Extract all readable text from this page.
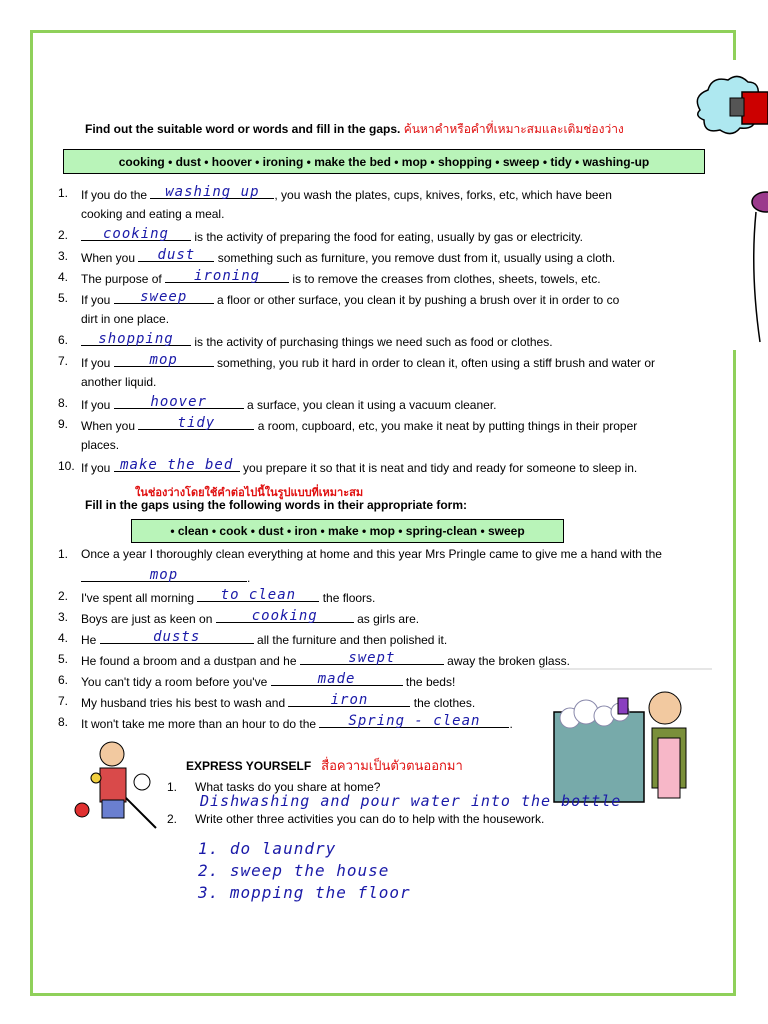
Find out the suitable word or words and fill in the gaps. ค้นหาคำหรือคำที่เหมาะสมและเติมช่องว่าง
cooking • dust • hoover • ironing • make the bed • mop • shopping • sweep • tidy • washing-up
1. If you do the	washing up	, you wash the plates, cups, knives, forks, etc, which have been
cooking and eating a meal.
2.	cooking	is the activity of preparing the food for eating, usually by gas or electricity.
3. When you	dust	something such as furniture, you remove dust from it, usually using a cloth.
4. The purpose of	ironing	is to remove the creases from clothes, sheets, towels, etc.
5. If you	sweep	a floor or other surface, you clean it by pushing a brush over it in order to co
dirt in one place.
6.	shopping	is the activity of purchasing things we need such as food or clothes.
7. If you	mop	something, you rub it hard in order to clean it, often using a stiff brush and water or
another liquid.
8. If you	hoover	a surface, you clean it using a vacuum cleaner.
9. When you	tidy	a room, cupboard, etc, you make it neat by putting things in their proper
places.
10. If you make the bed you prepare it so that it is neat and tidy and ready for someone to sleep in.
ในช่องว่างโดยใช้คำต่อไปนี้ในรูปแบบที่เหมาะสม
Fill in the gaps using the following words in their appropriate form:
• clean • cook • dust • iron • make • mop • spring-clean • sweep
1. Once a year I thoroughly clean everything at home and this year Mrs Pringle came to give me a hand with the
mop	.
2. I've spent all morning	to clean	the floors.
3. Boys are just as keen on	cooking	as girls are.
4. He	dusts	all the furniture and then polished it.
5. He found a broom and a dustpan and he	swept	away the broken glass.
6. You can't tidy a room before you've	made	the beds!
7. My husband tries his best to wash and	iron	the clothes.
8. It won't take me more than an hour to do the	Spring - clean	.
EXPRESS YOURSELF สื่อความเป็นตัวตนออกมา
1. What tasks do you share at home?
Dishwashing and pour water into the bottle
2. Write other three activities you can do to help with the housework.
1. do laundry
2. sweep the house
3. mopping the floor
